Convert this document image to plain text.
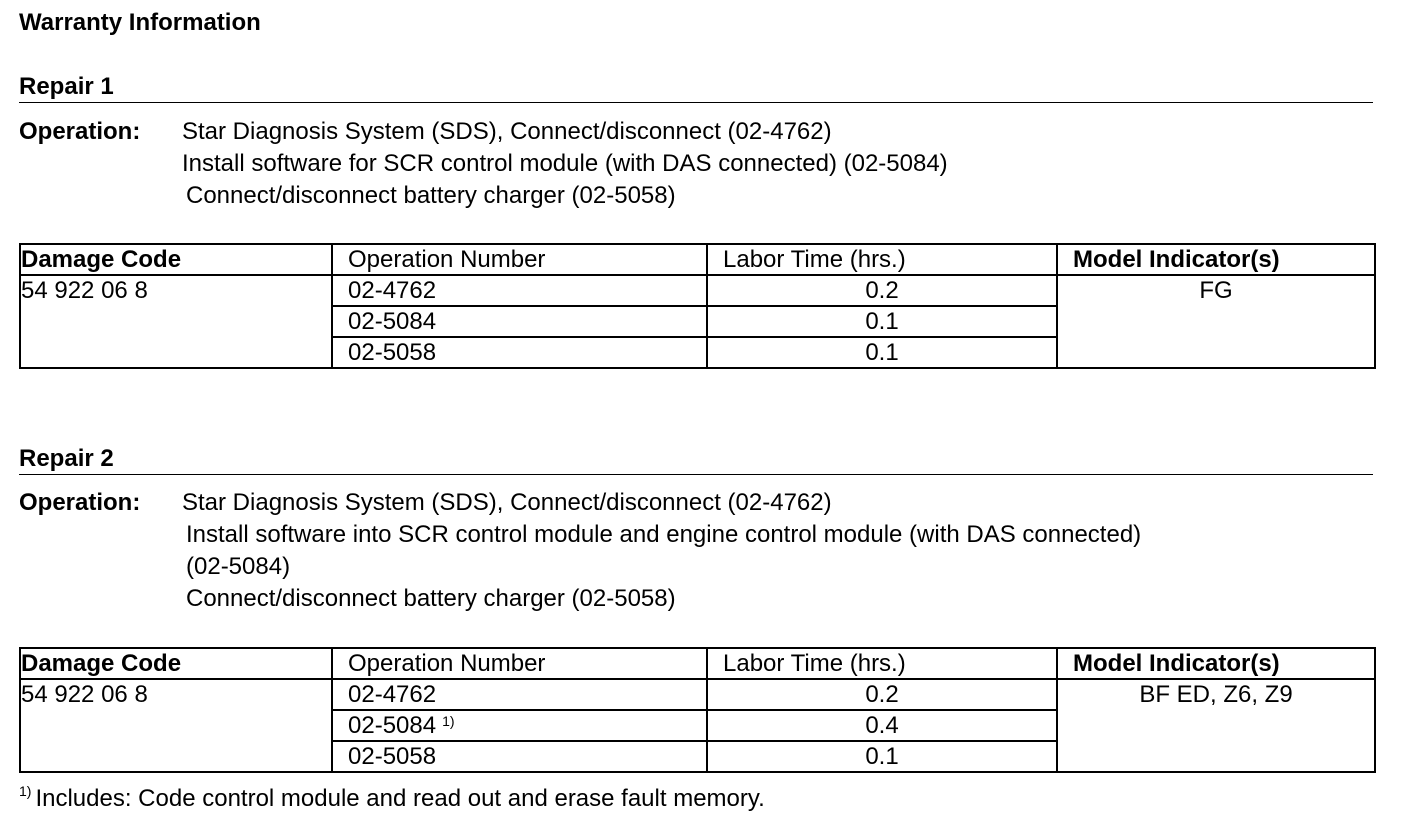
Warranty Information
Repair 1
Operation: Star Diagnosis System (SDS), Connect/disconnect (02-4762)
Install software for SCR control module (with DAS connected) (02-5084)
Connect/disconnect battery charger (02-5058)
Damage Code	Operation Number	Labor Time (hrs.)	Model Indicator(s)
54 922 06 8	02-4762	0.2	FG
	02-5084	0.1	
	02-5058	0.1	
Repair 2
Operation: Star Diagnosis System (SDS), Connect/disconnect (02-4762)
Install software into SCR control module and engine control module (with DAS connected)
(02-5084)
Connect/disconnect battery charger (02-5058)
Damage Code	Operation Number	Labor Time (hrs.)	Model Indicator(s)
54 922 06 8	02-4762	0.2	BF ED, Z6, Z9
	02-5084 $^{1)}$	0.4	
	02-5058	0.1	
$^{1)}$ Includes: Code control module and read out and erase fault memory.
